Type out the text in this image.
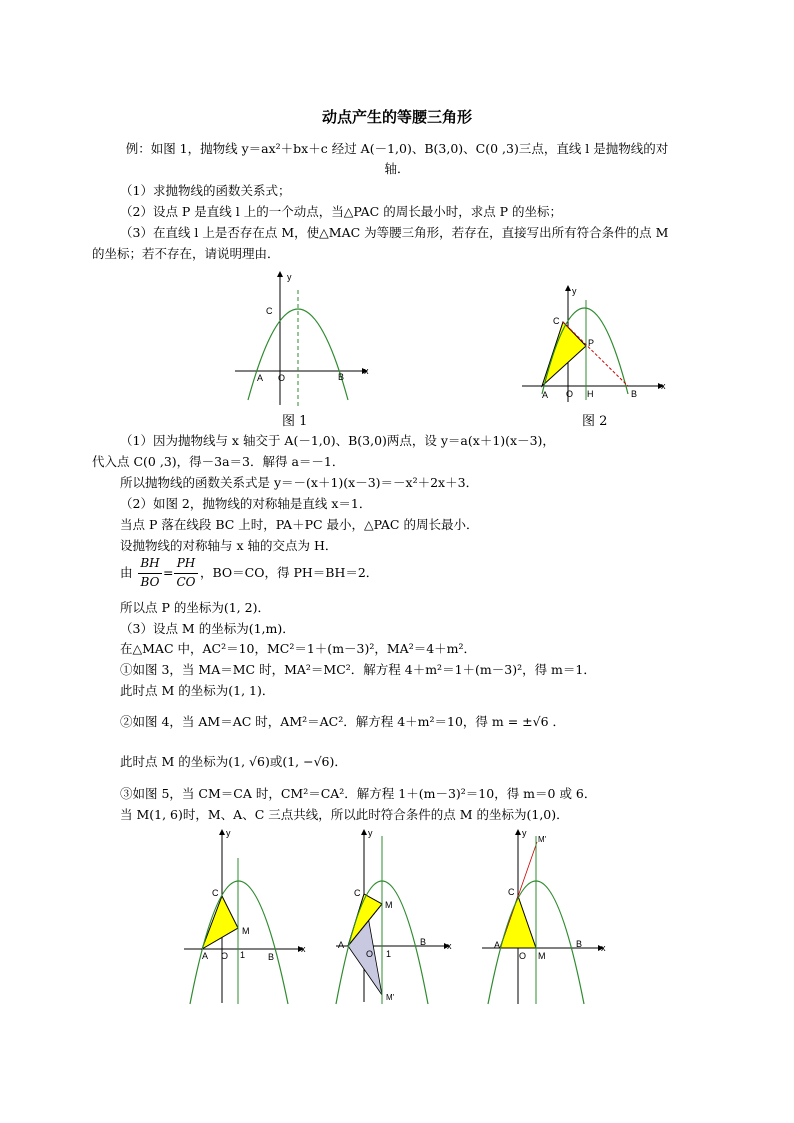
动点产生的等腰三角形
例：如图 1，抛物线 y＝ax²＋bx＋c 经过 A(－1,0)、B(3,0)、C(0 ,3)三点，直线 l 是抛物线的对
轴．
（1）求抛物线的函数关系式；
（2）设点 P 是直线 l 上的一个动点，当△PAC 的周长最小时，求点 P 的坐标；
（3）在直线 l 上是否存在点 M，使△MAC 为等腰三角形，若存在，直接写出所有符合条件的点 M
的坐标；若不存在，请说明理由．
y
x
C
A O	B
图 1
y
x
C
P
A O H	B
图 2
（1）因为抛物线与 x 轴交于 A(－1,0)、B(3,0)两点，设 y＝a(x＋1)(x－3)，
代入点 C(0 ,3)，得－3a＝3．解得 a＝－1．
所以抛物线的函数关系式是 y＝－(x＋1)(x－3)＝－x²＋2x＋3．
（2）如图 2，抛物线的对称轴是直线 x＝1．
当点 P 落在线段 BC 上时，PA＋PC 最小，△PAC 的周长最小．
设抛物线的对称轴与 x 轴的交点为 H．
由
BH
BO
=
PH
CO
，BO＝CO，得 PH＝BH＝2．
所以点 P 的坐标为(1, 2)．
（3）设点 M 的坐标为(1,m)．
在△MAC 中，AC²＝10，MC²＝1＋(m－3)²，MA²＝4＋m²．
①如图 3，当 MA＝MC 时，MA²＝MC²．解方程 4＋m²＝1＋(m－3)²，得 m＝1．
此时点 M 的坐标为(1, 1)．
②如图 4，当 AM＝AC 时，AM²＝AC²．解方程 4＋m²＝10，得 m = ±√6 ．
此时点 M 的坐标为(1, √6)或(1, −√6)．
③如图 5，当 CM＝CA 时，CM²＝CA²．解方程 1＋(m－3)²＝10，得 m＝0 或 6．
当 M(1, 6)时，M、A、C 三点共线，所以此时符合条件的点 M 的坐标为(1,0)．
y
x
C
M
A O 1	B
y
x
C
M
A
O 1
B
M'
y
x
C
M'
A
O M
B
